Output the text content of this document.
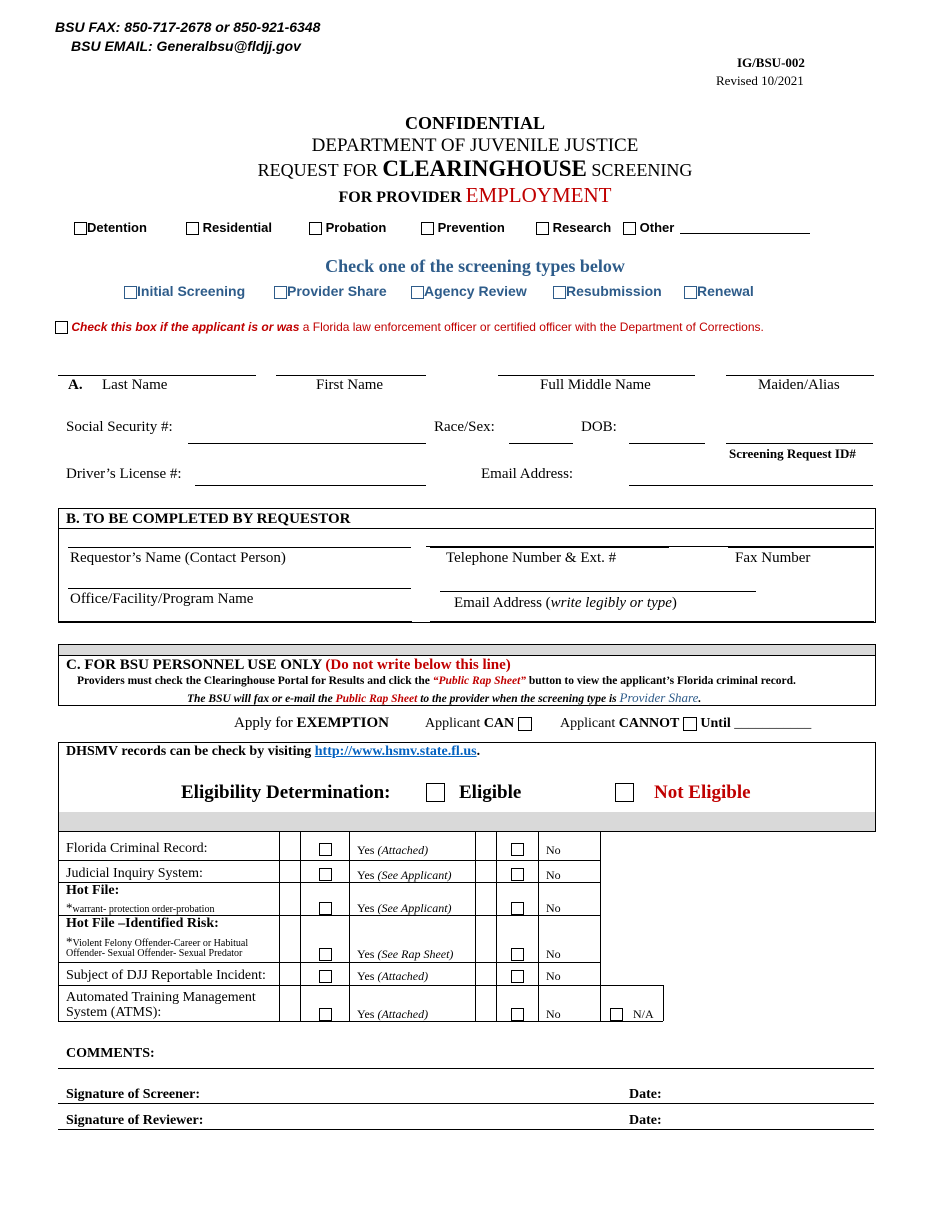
BSU FAX: 850-717-2678 or 850-921-6348
BSU EMAIL: Generalbsu@fldjj.gov
IG/BSU-002
Revised 10/2021
CONFIDENTIAL
DEPARTMENT OF JUVENILE JUSTICE
REQUEST FOR CLEARINGHOUSE SCREENING
FOR PROVIDER EMPLOYMENT
Detention	Residential	Probation	Prevention	Research	Other
Check one of the screening types below
Initial Screening	Provider Share	Agency Review	Resubmission	Renewal
Check this box if the applicant is or was a Florida law enforcement officer or certified officer with the Department of Corrections.
A. Last Name	First Name	Full Middle Name	Maiden/Alias
Social Security #:	Race/Sex:	DOB:
Screening Request ID#
Driver’s License #:	Email Address:
B. TO BE COMPLETED BY REQUESTOR
Requestor’s Name (Contact Person)	Telephone Number & Ext. #	Fax Number
Office/Facility/Program Name	Email Address (write legibly or type)
C. FOR BSU PERSONNEL USE ONLY (Do not write below this line)
Providers must check the Clearinghouse Portal for Results and click the “Public Rap Sheet” button to view the applicant’s Florida criminal record.
The BSU will fax or e-mail the Public Rap Sheet to the provider when the screening type is Provider Share.
Apply for EXEMPTION	Applicant CAN	Applicant CANNOT Until ___________
DHSMV records can be check by visiting http://www.hsmv.state.fl.us.
Eligibility Determination:	Eligible	Not Eligible
Florida Criminal Record:	Yes (Attached)	No
Judicial Inquiry System:	Yes (See Applicant)	No
Hot File:
*warrant- protection order-probation	Yes (See Applicant)	No
Hot File –Identified Risk:
*Violent Felony Offender-Career or Habitual
Offender- Sexual Offender- Sexual Predator	Yes (See Rap Sheet)	No
Subject of DJJ Reportable Incident:	Yes (Attached)	No
Automated Training Management
System (ATMS):	Yes (Attached)	No	N/A
COMMENTS:
Signature of Screener:	Date:
Signature of Reviewer:	Date:
